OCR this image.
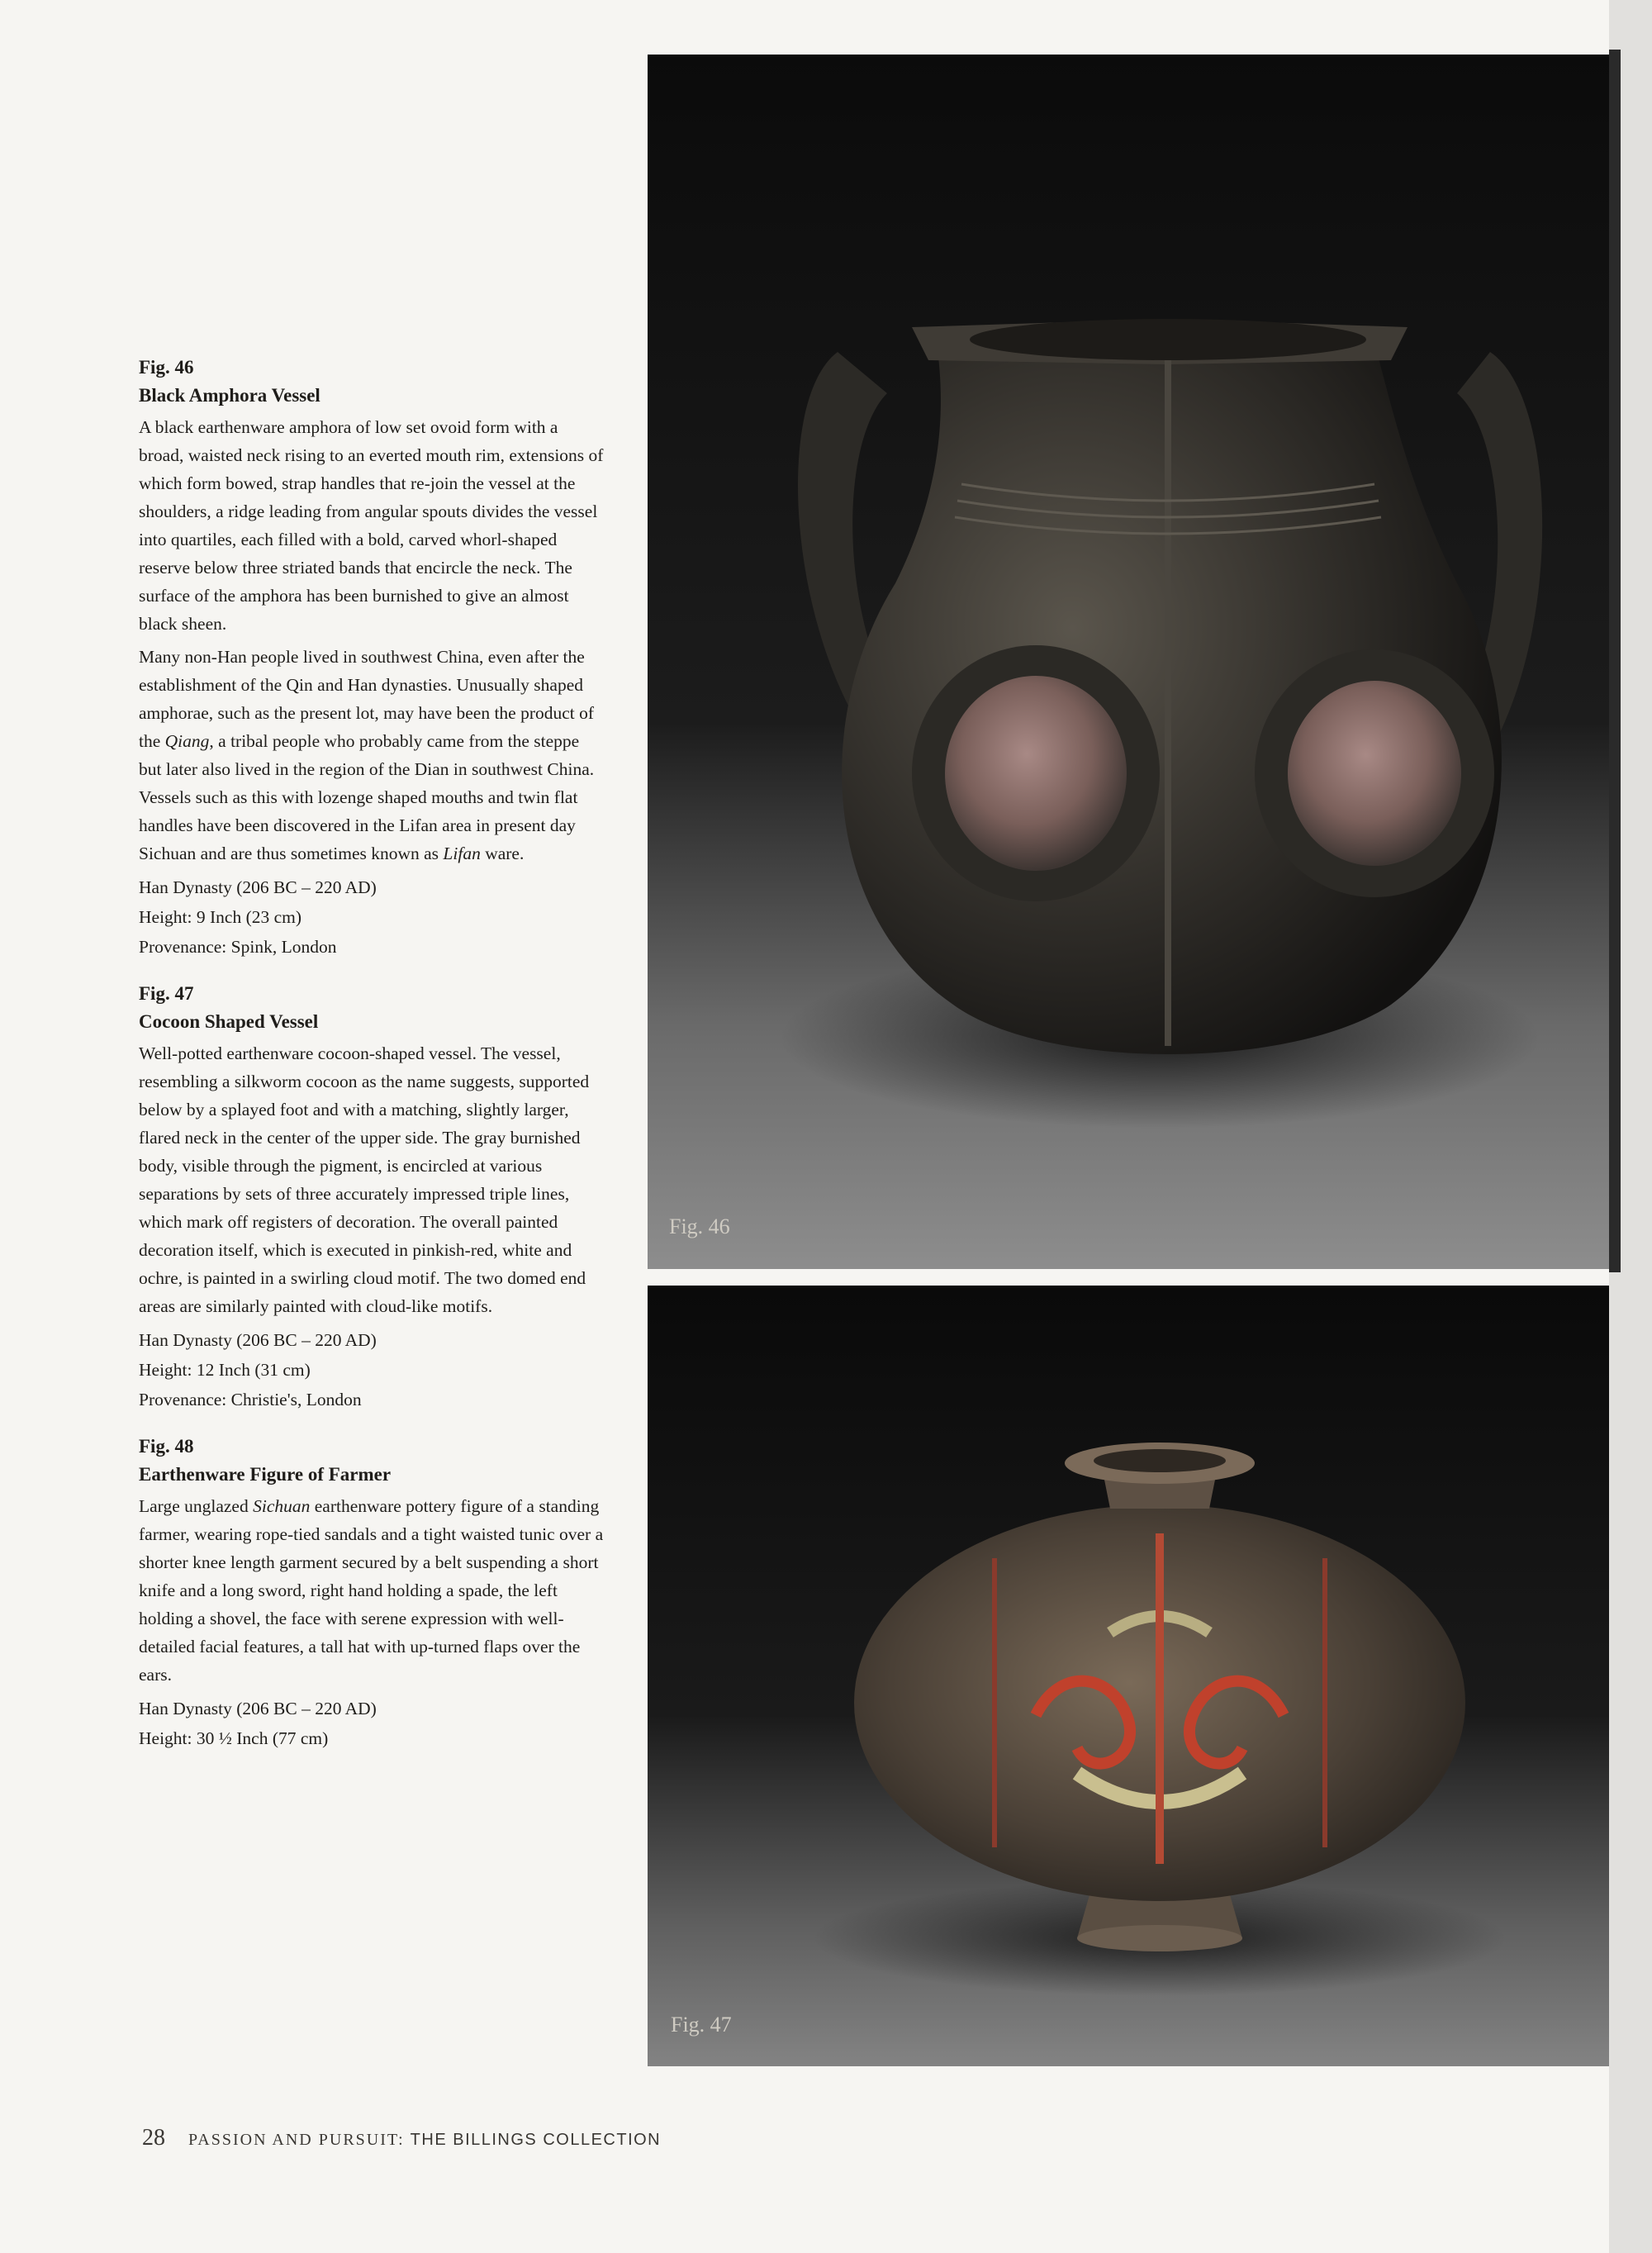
Fig. 46

Black Amphora Vessel

A black earthenware amphora of low set ovoid form with a broad, waisted neck rising to an everted mouth rim, extensions of which form bowed, strap handles that re-join the vessel at the shoulders, a ridge leading from angular spouts divides the vessel into quartiles, each filled with a bold, carved whorl-shaped reserve below three striated bands that encircle the neck. The surface of the amphora has been burnished to give an almost black sheen.

Many non-Han people lived in southwest China, even after the establishment of the Qin and Han dynasties. Unusually shaped amphorae, such as the present lot, may have been the product of the Qiang, a tribal people who probably came from the steppe but later also lived in the region of the Dian in southwest China. Vessels such as this with lozenge shaped mouths and twin flat handles have been discovered in the Lifan area in present day Sichuan and are thus sometimes known as Lifan ware.

Han Dynasty (206 BC – 220 AD)

Height: 9 Inch (23 cm)

Provenance: Spink, London

Fig. 47

Cocoon Shaped Vessel

Well-potted earthenware cocoon-shaped vessel. The vessel, resembling a silkworm cocoon as the name suggests, supported below by a splayed foot and with a matching, slightly larger, flared neck in the center of the upper side. The gray burnished body, visible through the pigment, is encircled at various separations by sets of three accurately impressed triple lines, which mark off registers of decoration. The overall painted decoration itself, which is executed in pinkish-red, white and ochre, is painted in a swirling cloud motif. The two domed end areas are similarly painted with cloud-like motifs.

Han Dynasty (206 BC – 220 AD)

Height: 12 Inch (31 cm)

Provenance: Christie's, London

Fig. 48

Earthenware Figure of Farmer

Large unglazed Sichuan earthenware pottery figure of a standing farmer, wearing rope-tied sandals and a tight waisted tunic over a shorter knee length garment secured by a belt suspending a short knife and a long sword, right hand holding a spade, the left holding a shovel, the face with serene expression with well-detailed facial features, a tall hat with up-turned flaps over the ears.

Han Dynasty (206 BC – 220 AD)

Height: 30 ½ Inch (77 cm)

Fig. 46
Fig. 47
28 PASSION AND PURSUIT: THE BILLINGS COLLECTION
